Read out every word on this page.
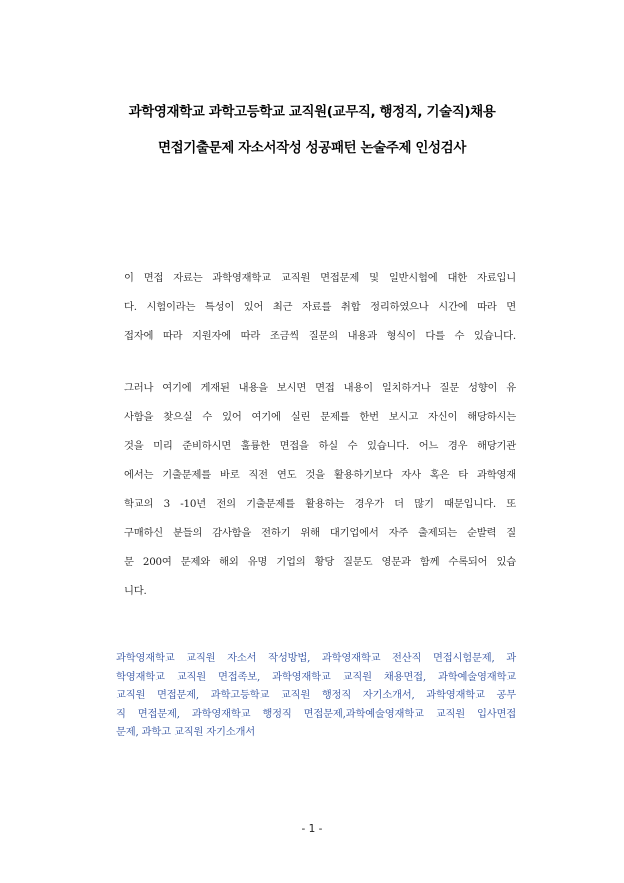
과학영재학교 과학고등학교 교직원(교무직, 행정직, 기술직)채용
면접기출문제 자소서작성 성공패턴 논술주제 인성검사
이 면접 자료는 과학영재학교 교직원 면접문제 및 일반시험에 대한 자료입니
다. 시험이라는 특성이 있어 최근 자료를 취합 정리하였으나 시간에 따라 면
접자에 따라 지원자에 따라 조금씩 질문의 내용과 형식이 다를 수 있습니다.
그러나 여기에 게재된 내용을 보시면 면접 내용이 일치하거나 질문 성향이 유
사함을 찾으실 수 있어 여기에 실린 문제를 한번 보시고 자신이 해당하시는
것을 미리 준비하시면 훌륭한 면접을 하실 수 있습니다. 어느 경우 해당기관
에서는 기출문제를 바로 직전 연도 것을 활용하기보다 자사 혹은 타 과학영재
학교의 3 -10년 전의 기출문제를 활용하는 경우가 더 많기 때문입니다. 또
구매하신 분들의 감사함을 전하기 위해 대기업에서 자주 출제되는 순발력 질
문 200여 문제와 해외 유명 기업의 황당 질문도 영문과 함께 수록되어 있습
니다.
과학영재학교 교직원 자소서 작성방법, 과학영재학교 전산직 면접시험문제, 과
학영재학교 교직원 면접족보, 과학영재학교 교직원 채용면접, 과학예술영재학교
교직원 면접문제, 과학고등학교 교직원 행정직 자기소개서, 과학영재학교 공무
직 면접문제, 과학영재학교 행정직 면접문제,과학예술영재학교 교직원 입사면접
문제, 과학고 교직원 자기소개서
- 1 -
